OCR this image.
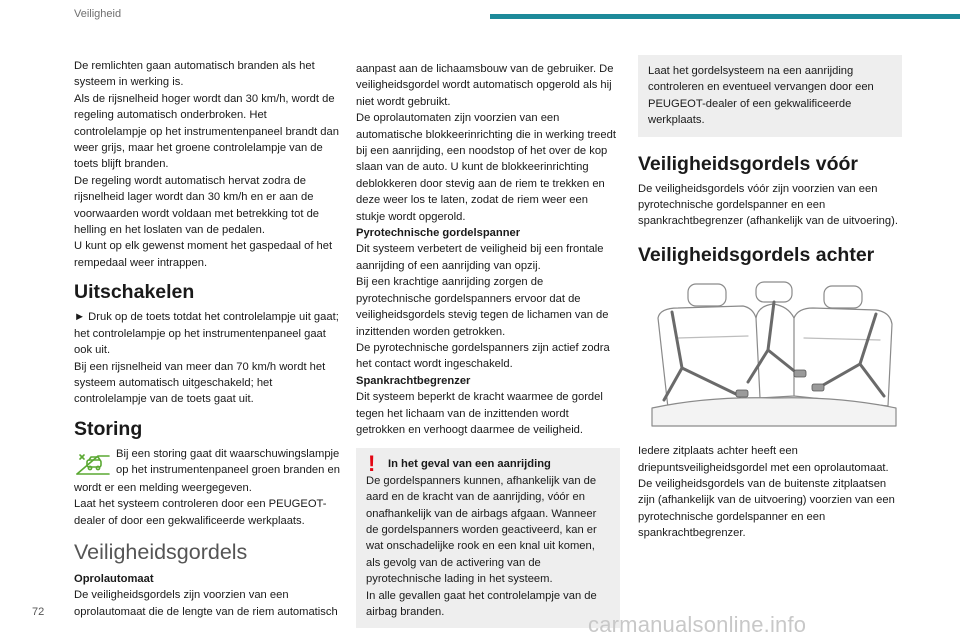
Veiligheid

De remlichten gaan automatisch branden als het systeem in werking is.

Als de rijsnelheid hoger wordt dan 30 km/h, wordt de regeling automatisch onderbroken. Het controlelampje op het instrumentenpaneel brandt dan weer grijs, maar het groene controlelampje van de toets blijft branden.

De regeling wordt automatisch hervat zodra de rijsnelheid lager wordt dan 30 km/h en er aan de voorwaarden wordt voldaan met betrekking tot de helling en het loslaten van de pedalen.

U kunt op elk gewenst moment het gaspedaal of het rempedaal weer intrappen.

Uitschakelen

► Druk op de toets totdat het controlelampje uit gaat; het controlelampje op het instrumentenpaneel gaat ook uit.

Bij een rijsnelheid van meer dan 70 km/h wordt het systeem automatisch uitgeschakeld; het controlelampje van de toets gaat uit.

Storing

Bij een storing gaat dit waarschuwingslampje op het instrumentenpaneel groen branden en

wordt er een melding weergegeven.

Laat het systeem controleren door een PEUGEOT-dealer of door een gekwalificeerde werkplaats.

Veiligheidsgordels

Oprolautomaat

De veiligheidsgordels zijn voorzien van een oprolautomaat die de lengte van de riem automatisch

aanpast aan de lichaamsbouw van de gebruiker. De veiligheidsgordel wordt automatisch opgerold als hij niet wordt gebruikt.

De oprolautomaten zijn voorzien van een automatische blokkeerinrichting die in werking treedt bij een aanrijding, een noodstop of het over de kop slaan van de auto. U kunt de blokkeerinrichting deblokkeren door stevig aan de riem te trekken en deze weer los te laten, zodat de riem weer een stukje wordt opgerold.

Pyrotechnische gordelspanner

Dit systeem verbetert de veiligheid bij een frontale aanrijding of een aanrijding van opzij.

Bij een krachtige aanrijding zorgen de pyrotechnische gordelspanners ervoor dat de veiligheidsgordels stevig tegen de lichamen van de inzittenden worden getrokken.

De pyrotechnische gordelspanners zijn actief zodra het contact wordt ingeschakeld.

Spankrachtbegrenzer

Dit systeem beperkt de kracht waarmee de gordel tegen het lichaam van de inzittenden wordt getrokken en verhoogt daarmee de veiligheid.

! In het geval van een aanrijding

De gordelspanners kunnen, afhankelijk van de aard en de kracht van de aanrijding, vóór en onafhankelijk van de airbags afgaan. Wanneer de gordelspanners worden geactiveerd, kan er wat onschadelijke rook en een knal uit komen, als gevolg van de activering van de pyrotechnische lading in het systeem.

In alle gevallen gaat het controlelampje van de airbag branden.

Laat het gordelsysteem na een aanrijding controleren en eventueel vervangen door een PEUGEOT-dealer of een gekwalificeerde werkplaats.

Veiligheidsgordels vóór

De veiligheidsgordels vóór zijn voorzien van een pyrotechnische gordelspanner en een spankrachtbegrenzer (afhankelijk van de uitvoering).

Veiligheidsgordels achter

Iedere zitplaats achter heeft een driepuntsveiligheidsgordel met een oprolautomaat.

De veiligheidsgordels van de buitenste zitplaatsen zijn (afhankelijk van de uitvoering) voorzien van een pyrotechnische gordelspanner en een spankrachtbegrenzer.

72	carmanualsonline.info
